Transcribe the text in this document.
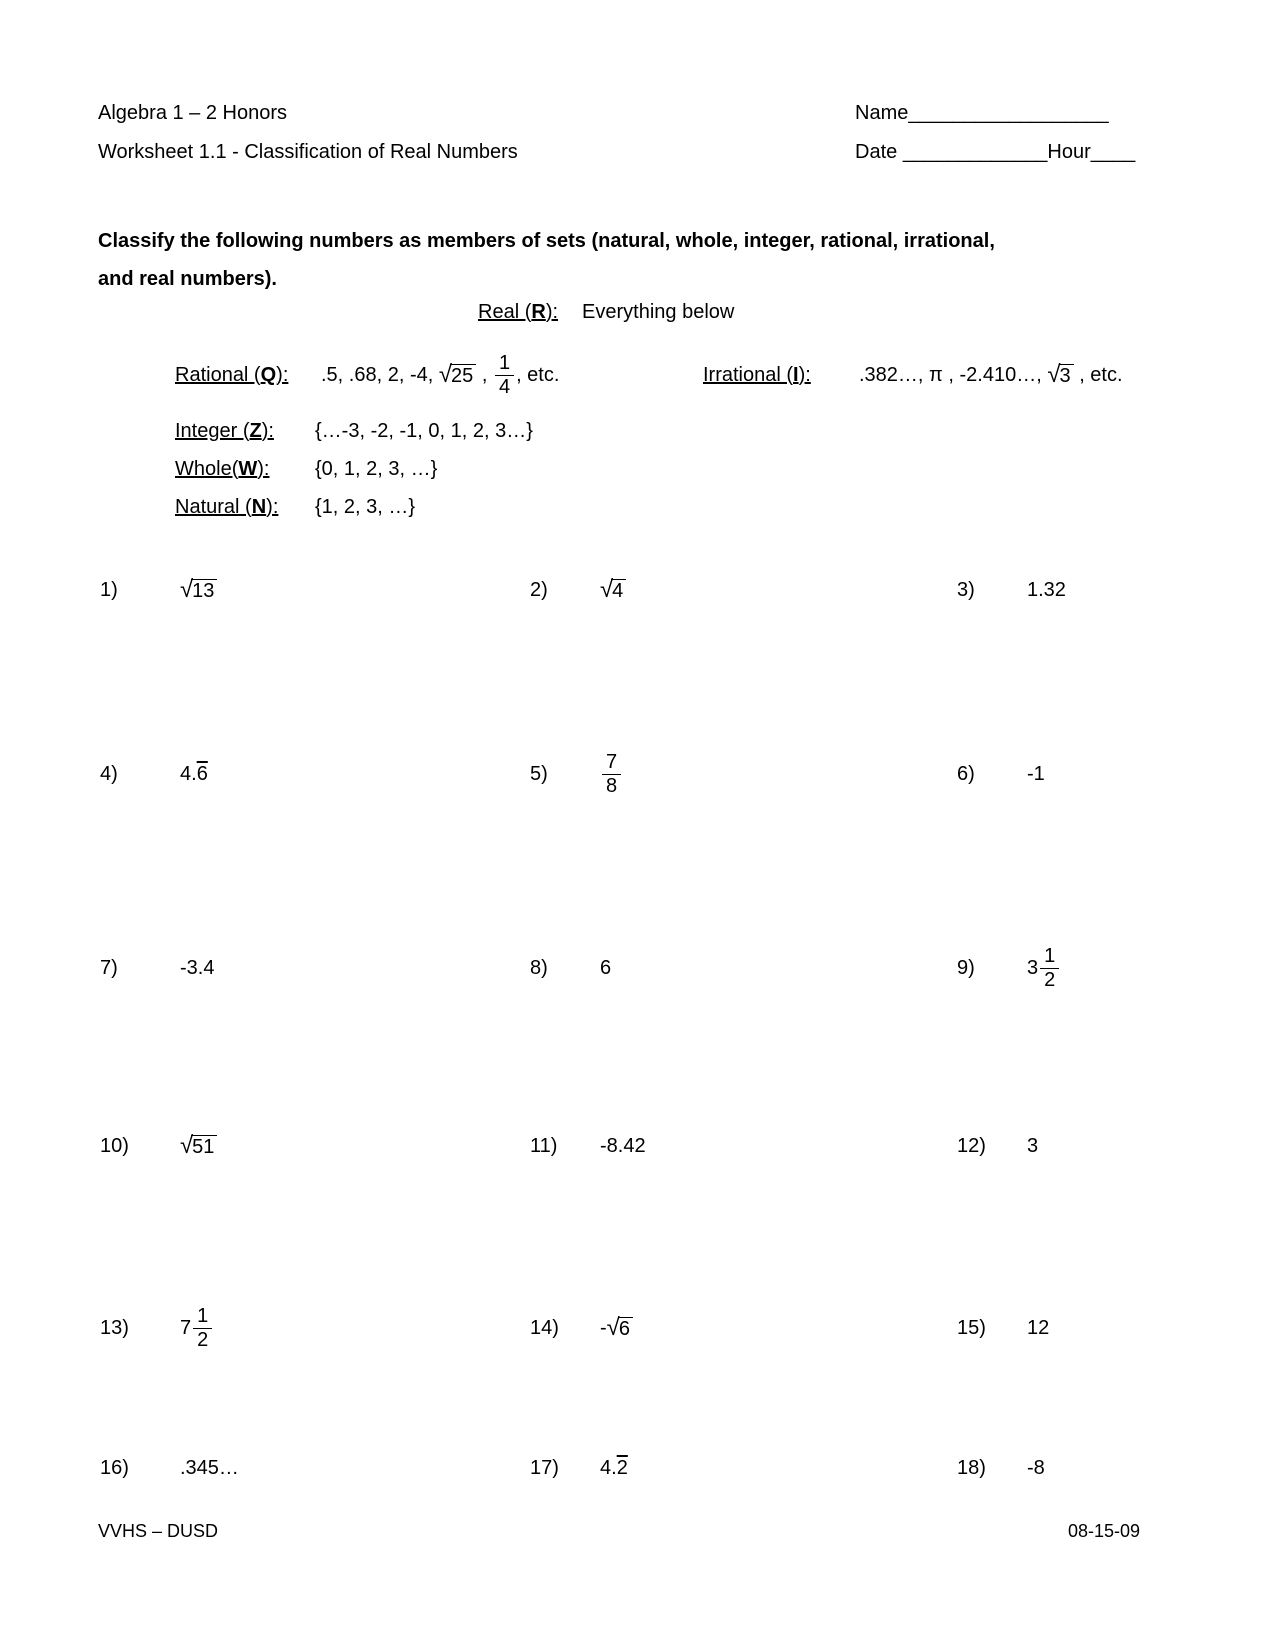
Algebra 1 – 2 Honors	Name__________________
Worksheet 1.1 - Classification of Real Numbers	Date _____________Hour____
Classify the following numbers as members of sets (natural, whole, integer, rational, irrational,
and real numbers).
Real (R): Everything below
Rational (Q):	.5, .68, 2, -4, √ 25 , $\frac{1}{4}$ , etc.	Irrational (I):	.382…, π , -2.410…, √ 3 , etc.
Integer (Z):	{…-3, -2, -1, 0, 1, 2, 3…}
Whole(W):	{0, 1, 2, 3, …}
Natural (N):	{1, 2, 3, …}
1)	√ 13	2)	√ 4	3)	1.32
4)	4. 6	5)	$\frac{7}{8}$	6)	-1
7)	-3.4	8)	6	9)	$3 \frac{1}{2}$
10)	√ 51	11)	-8.42	12)	3
13)	$7 \frac{1}{2}$	14)	- √ 6	15)	12
16)	.345…	17)	4. 2	18)	-8
VVHS – DUSD	08-15-09
